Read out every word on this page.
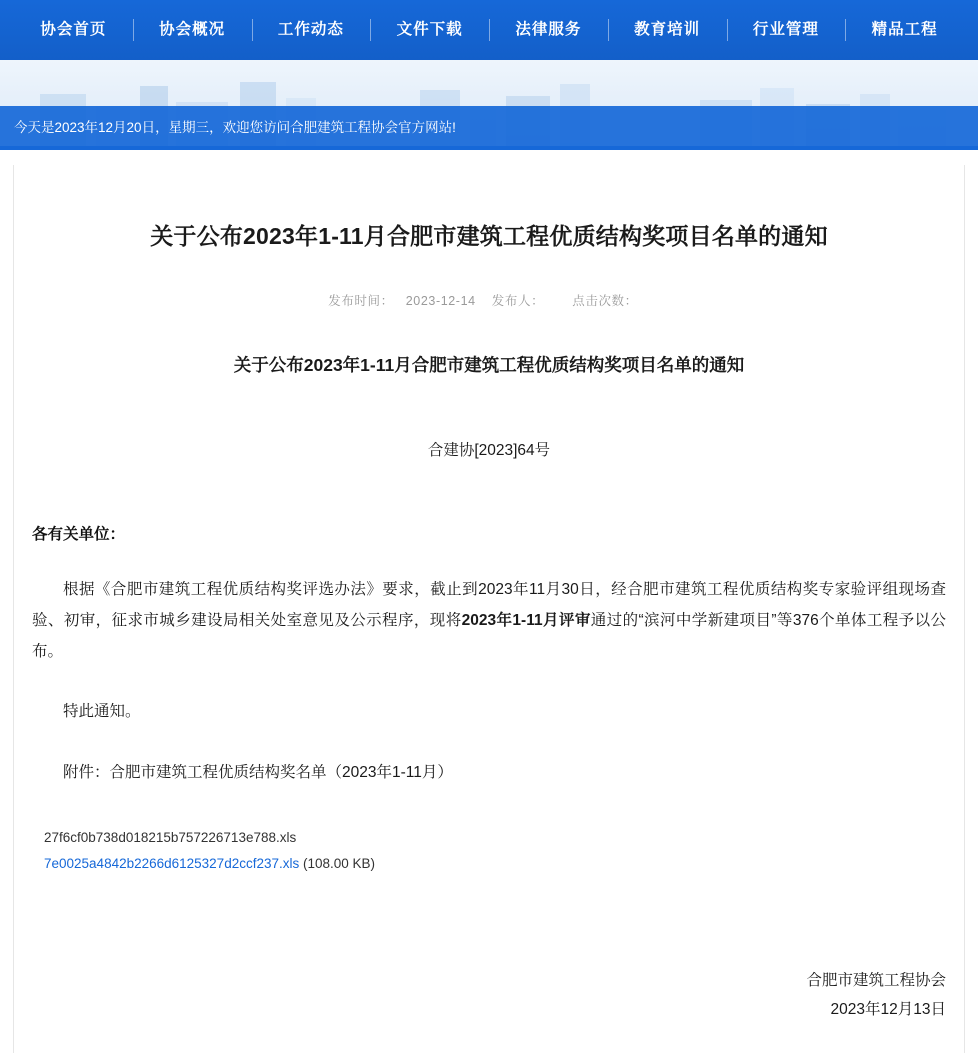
协会首页	协会概况	工作动态	文件下载	法律服务	教育培训	行业管理	精品工程
今天是2023年12月20日，星期三，欢迎您访问合肥建筑工程协会官方网站!
关于公布2023年1-11月合肥市建筑工程优质结构奖项目名单的通知
发布时间： 2023-12-14 发布人： 点击次数：
关于公布2023年1-11月合肥市建筑工程优质结构奖项目名单的通知
合建协[2023]64号
各有关单位：

根据《合肥市建筑工程优质结构奖评选办法》要求，截止到2023年11月30日，经合肥市建筑工程优质结构奖专家验评组现场查验、初审，征求市城乡建设局相关处室意见及公示程序，现将2023年1-11月评审通过的“滨河中学新建项目”等376个单体工程予以公布。

特此通知。

附件：合肥市建筑工程优质结构奖名单（2023年1-11月）

27f6cf0b738d018215b757226713e788.xls
7e0025a4842b2266d6125327d2ccf237.xls (108.00 KB)
合肥市建筑工程协会
2023年12月13日
